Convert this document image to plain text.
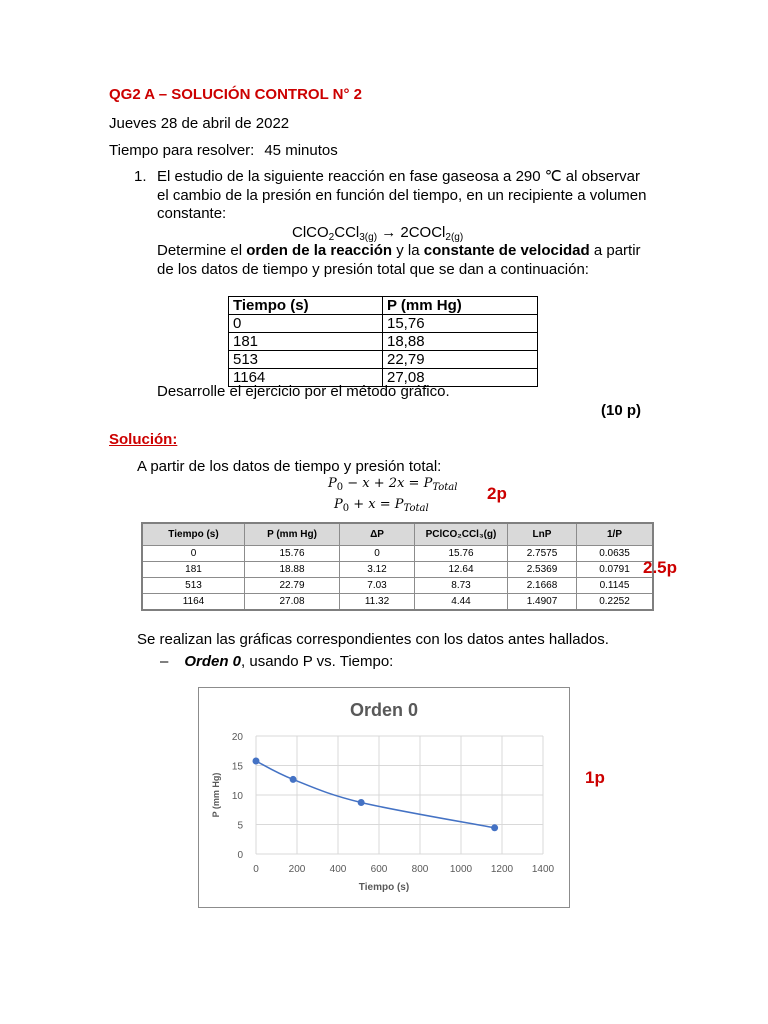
QG2 A – SOLUCIÓN CONTROL N° 2
Jueves 28 de abril de 2022
Tiempo para resolver: 45 minutos
1. El estudio de la siguiente reacción en fase gaseosa a 290 ℃ al observar
el cambio de la presión en función del tiempo, en un recipiente a volumen
constante:
ClCO$_2$CCl$_{3(g)}$ → 2COCl$_{2(g)}$
Determine el orden de la reacción y la constante de velocidad a partir
de los datos de tiempo y presión total que se dan a continuación:
Tiempo (s)	P (mm Hg)
0	15,76
181	18,88
513	22,79
1164	27,08
Desarrolle el ejercicio por el método gráfico.
(10 p)
Solución:
A partir de los datos de tiempo y presión total:
$P_0 - x + 2x = P_{Total}$
$P_0 + x = P_{Total}$
2p
Tiempo (s)	P (mm Hg)	ΔP	PClCO₂CCl₃(g)	LnP	1/P
0	15.76	0	15.76	2.7575	0.0635
181	18.88	3.12	12.64	2.5369	0.0791
513	22.79	7.03	8.73	2.1668	0.1145
1164	27.08	11.32	4.44	1.4907	0.2252
2.5p
Se realizan las gráficas correspondientes con los datos antes hallados.
– Orden 0, usando P vs. Tiempo:
Orden 0
0
5
10
15
20
0	200 400 600 800 1000 1200 1400
Tiempo (s)
P (mm Hg)	1p
